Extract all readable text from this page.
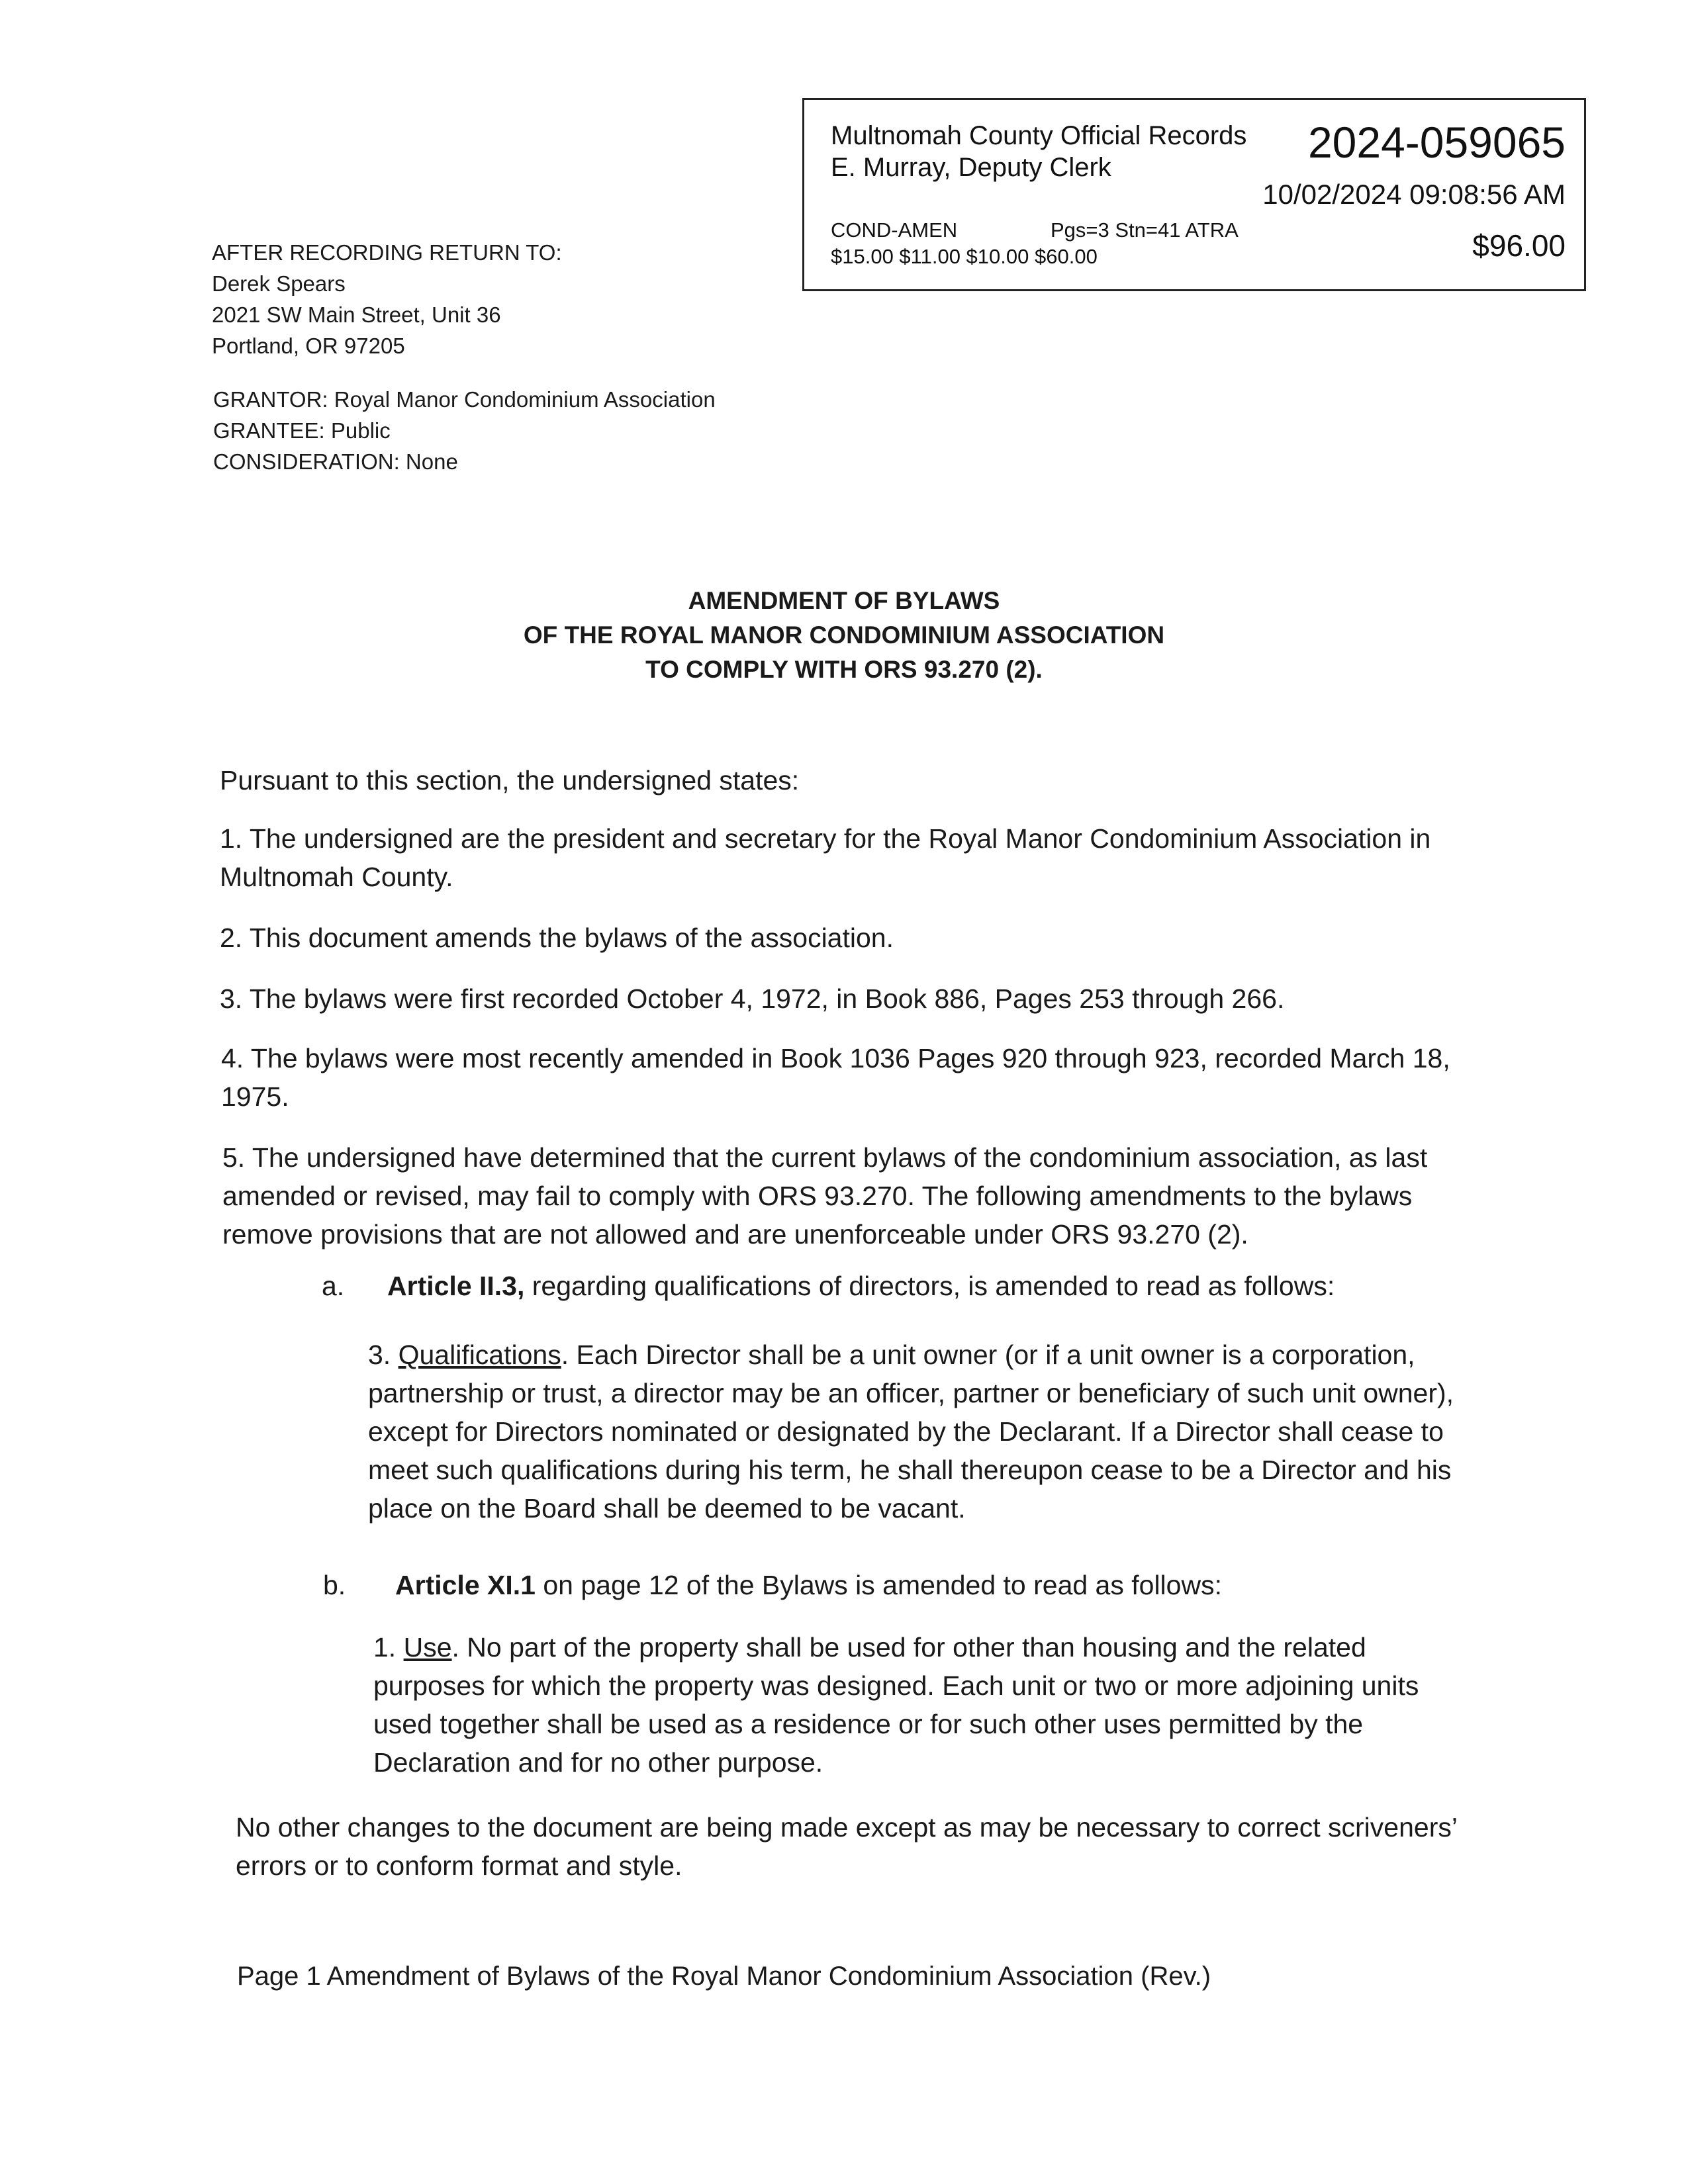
Multnomah County Official Records
E. Murray, Deputy Clerk
2024-059065
10/02/2024 09:08:56 AM
COND-AMEN	Pgs=3 Stn=41 ATRA
$15.00 $11.00 $10.00 $60.00	$96.00
AFTER RECORDING RETURN TO:
Derek Spears
2021 SW Main Street, Unit 36
Portland, OR 97205
GRANTOR: Royal Manor Condominium Association
GRANTEE: Public
CONSIDERATION: None
AMENDMENT OF BYLAWS
OF THE ROYAL MANOR CONDOMINIUM ASSOCIATION
TO COMPLY WITH ORS 93.270 (2).
Pursuant to this section, the undersigned states:
1. The undersigned are the president and secretary for the Royal Manor Condominium Association in
Multnomah County.
2. This document amends the bylaws of the association.
3. The bylaws were first recorded October 4, 1972, in Book 886, Pages 253 through 266.
4. The bylaws were most recently amended in Book 1036 Pages 920 through 923, recorded March 18,
1975.
5. The undersigned have determined that the current bylaws of the condominium association, as last
amended or revised, may fail to comply with ORS 93.270. The following amendments to the bylaws
remove provisions that are not allowed and are unenforceable under ORS 93.270 (2).
a. Article II.3, regarding qualifications of directors, is amended to read as follows:
3. Qualifications. Each Director shall be a unit owner (or if a unit owner is a corporation,
partnership or trust, a director may be an officer, partner or beneficiary of such unit owner),
except for Directors nominated or designated by the Declarant. If a Director shall cease to
meet such qualifications during his term, he shall thereupon cease to be a Director and his
place on the Board shall be deemed to be vacant.
b. Article XI.1 on page 12 of the Bylaws is amended to read as follows:
1. Use. No part of the property shall be used for other than housing and the related
purposes for which the property was designed. Each unit or two or more adjoining units
used together shall be used as a residence or for such other uses permitted by the
Declaration and for no other purpose.
No other changes to the document are being made except as may be necessary to correct scriveners’
errors or to conform format and style.
Page 1 Amendment of Bylaws of the Royal Manor Condominium Association (Rev.)
